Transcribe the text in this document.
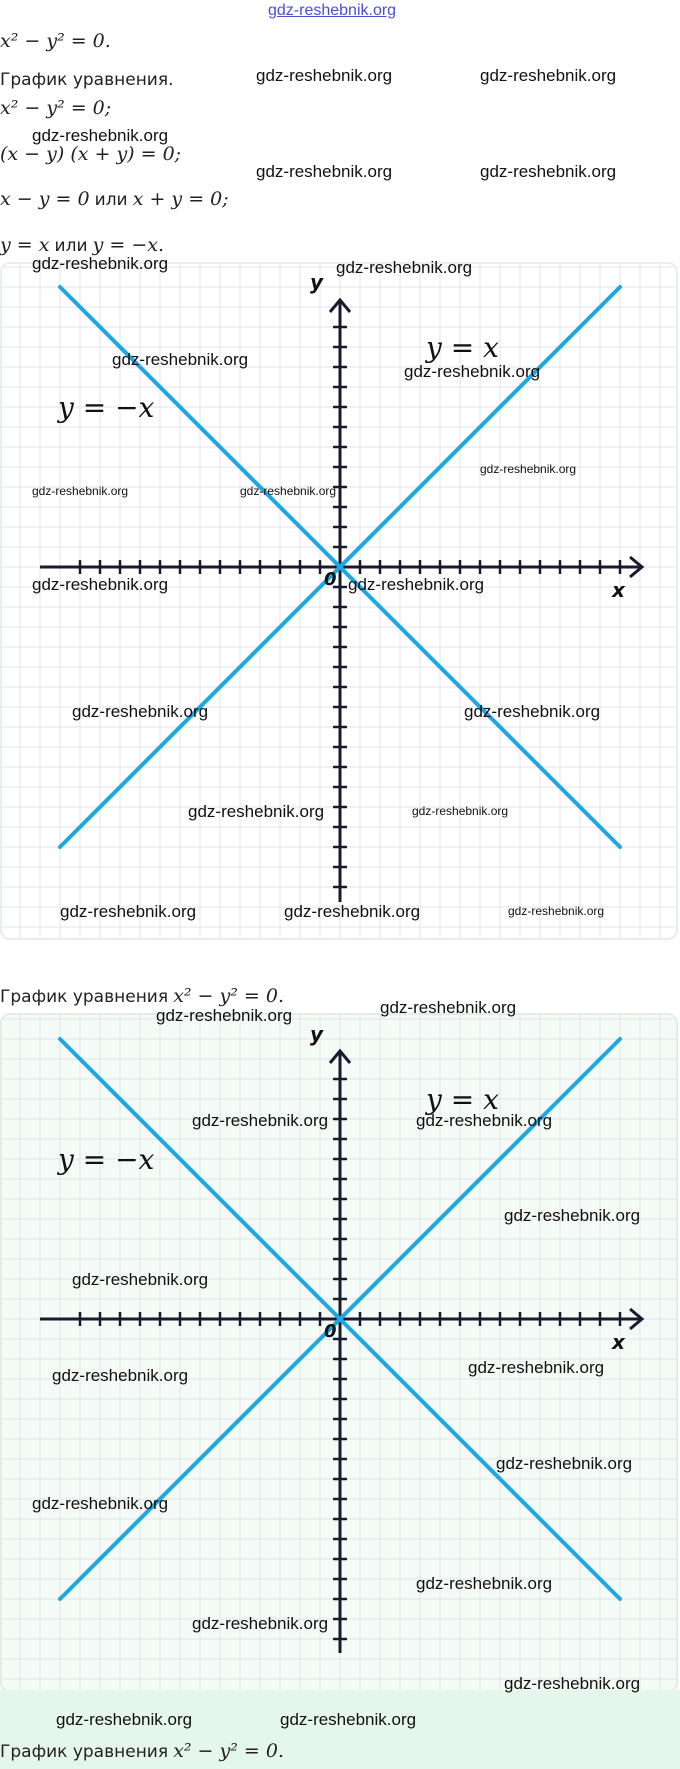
gdz-reshebnik.org
x² − y² = 0.
График уравнения.
x² − y² = 0;
(x − y) (x + y) = 0;
x − y = 0 или x + y = 0;
y = x или y = −x.
gdz-reshebnik.org	gdz-reshebnik.org
gdz-reshebnik.org
gdz-reshebnik.org	gdz-reshebnik.org
x
y
0
y = x
y = −x
График уравнения x² − y² = 0.
x
y
0
y = x
y = −x
График уравнения x² − y² = 0.
gdz-reshebnik.org	gdz-reshebnik.org
gdz-reshebnik.org
gdz-reshebnik.org
gdz-reshebnik.org
gdz-reshebnik.org	gdz-reshebnik.org
gdz-reshebnik.org	gdz-reshebnik.org
gdz-reshebnik.org	gdz-reshebnik.org
gdz-reshebnik.org	gdz-reshebnik.org
gdz-reshebnik.org	gdz-reshebnik.org	gdz-reshebnik.org
gdz-reshebnik.org
gdz-reshebnik.org
gdz-reshebnik.org	gdz-reshebnik.org
gdz-reshebnik.org
gdz-reshebnik.org
gdz-reshebnik.org	gdz-reshebnik.org
gdz-reshebnik.org
gdz-reshebnik.org
gdz-reshebnik.org
gdz-reshebnik.org
gdz-reshebnik.org
gdz-reshebnik.org	gdz-reshebnik.org
